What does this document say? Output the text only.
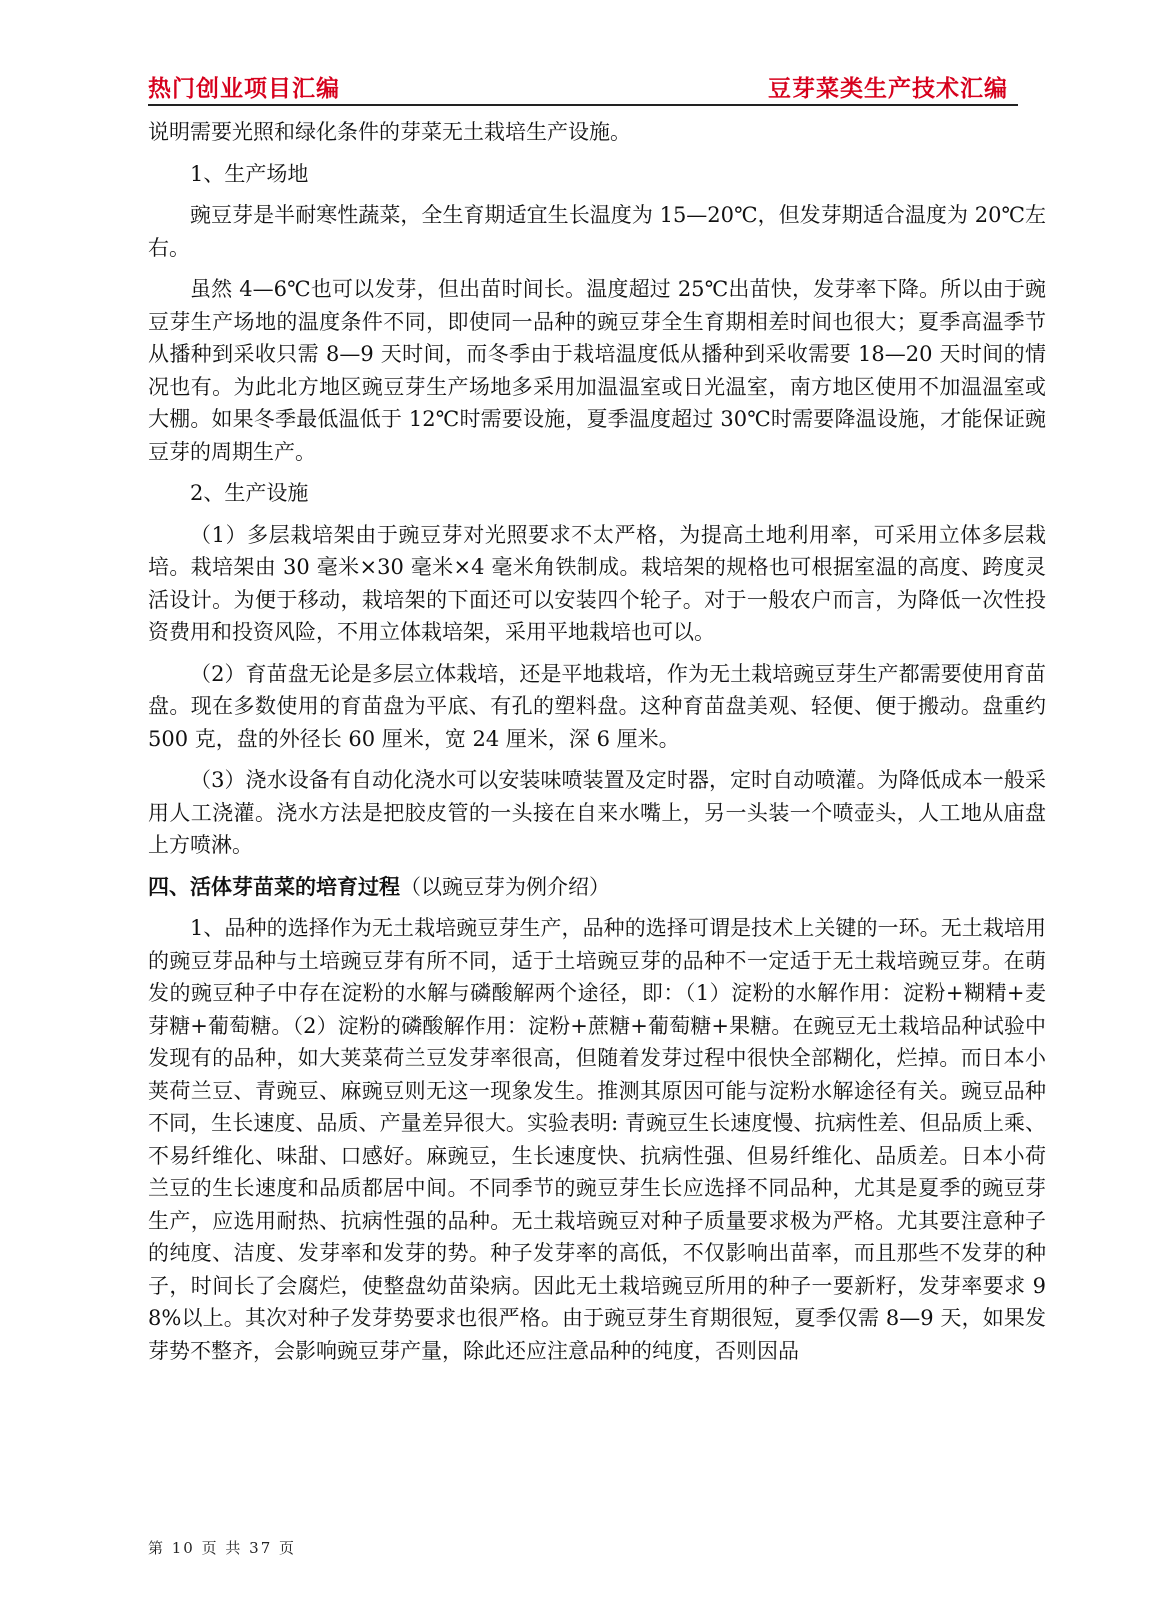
热门创业项目汇编	豆芽菜类生产技术汇编

说明需要光照和绿化条件的芽菜无土栽培生产设施。

1、生产场地

豌豆芽是半耐寒性蔬菜，全生育期适宜生长温度为 15—20℃，但发芽期适合温度为 20℃左右。

虽然 4—6℃也可以发芽，但出苗时间长。温度超过 25℃出苗快，发芽率下降。所以由于豌豆芽生产场地的温度条件不同，即使同一品种的豌豆芽全生育期相差时间也很大；夏季高温季节从播种到采收只需 8—9 天时间，而冬季由于栽培温度低从播种到采收需要 18—20 天时间的情况也有。为此北方地区豌豆芽生产场地多采用加温温室或日光温室，南方地区使用不加温温室或大棚。如果冬季最低温低于 12℃时需要设施，夏季温度超过 30℃时需要降温设施，才能保证豌豆芽的周期生产。

2、生产设施

（1）多层栽培架由于豌豆芽对光照要求不太严格，为提高土地利用率，可采用立体多层栽培。栽培架由 30 毫米×30 毫米×4 毫米角铁制成。栽培架的规格也可根据室温的高度、跨度灵活设计。为便于移动，栽培架的下面还可以安装四个轮子。对于一般农户而言，为降低一次性投资费用和投资风险，不用立体栽培架，采用平地栽培也可以。

（2）育苗盘无论是多层立体栽培，还是平地栽培，作为无土栽培豌豆芽生产都需要使用育苗盘。现在多数使用的育苗盘为平底、有孔的塑料盘。这种育苗盘美观、轻便、便于搬动。盘重约 500 克，盘的外径长 60 厘米，宽 24 厘米，深 6 厘米。

（3）浇水设备有自动化浇水可以安装味喷装置及定时器，定时自动喷灌。为降低成本一般采用人工浇灌。浇水方法是把胶皮管的一头接在自来水嘴上，另一头装一个喷壶头，人工地从庙盘上方喷淋。

四、活体芽苗菜的培育过程（以豌豆芽为例介绍）

1、品种的选择作为无土栽培豌豆芽生产，品种的选择可谓是技术上关键的一环。无土栽培用的豌豆芽品种与土培豌豆芽有所不同，适于土培豌豆芽的品种不一定适于无土栽培豌豆芽。在萌发的豌豆种子中存在淀粉的水解与磷酸解两个途径，即：（1）淀粉的水解作用：淀粉+糊精+麦芽糖+葡萄糖。（2）淀粉的磷酸解作用：淀粉+蔗糖+葡萄糖+果糖。在豌豆无土栽培品种试验中发现有的品种，如大荚菜荷兰豆发芽率很高，但随着发芽过程中很快全部糊化，烂掉。而日本小荚荷兰豆、青豌豆、麻豌豆则无这一现象发生。推测其原因可能与淀粉水解途径有关。豌豆品种不同，生长速度、品质、产量差异很大。实验表明: 青豌豆生长速度慢、抗病性差、但品质上乘、不易纤维化、味甜、口感好。麻豌豆，生长速度快、抗病性强、但易纤维化、品质差。日本小荷兰豆的生长速度和品质都居中间。不同季节的豌豆芽生长应选择不同品种，尤其是夏季的豌豆芽生产，应选用耐热、抗病性强的品种。无土栽培豌豆对种子质量要求极为严格。尤其要注意种子的纯度、洁度、发芽率和发芽的势。种子发芽率的高低，不仅影响出苗率，而且那些不发芽的种子，时间长了会腐烂，使整盘幼苗染病。因此无土栽培豌豆所用的种子一要新籽，发芽率要求 98%以上。其次对种子发芽势要求也很严格。由于豌豆芽生育期很短，夏季仅需 8—9 天，如果发芽势不整齐，会影响豌豆芽产量，除此还应注意品种的纯度，否则因品

第 10 页 共 37 页
